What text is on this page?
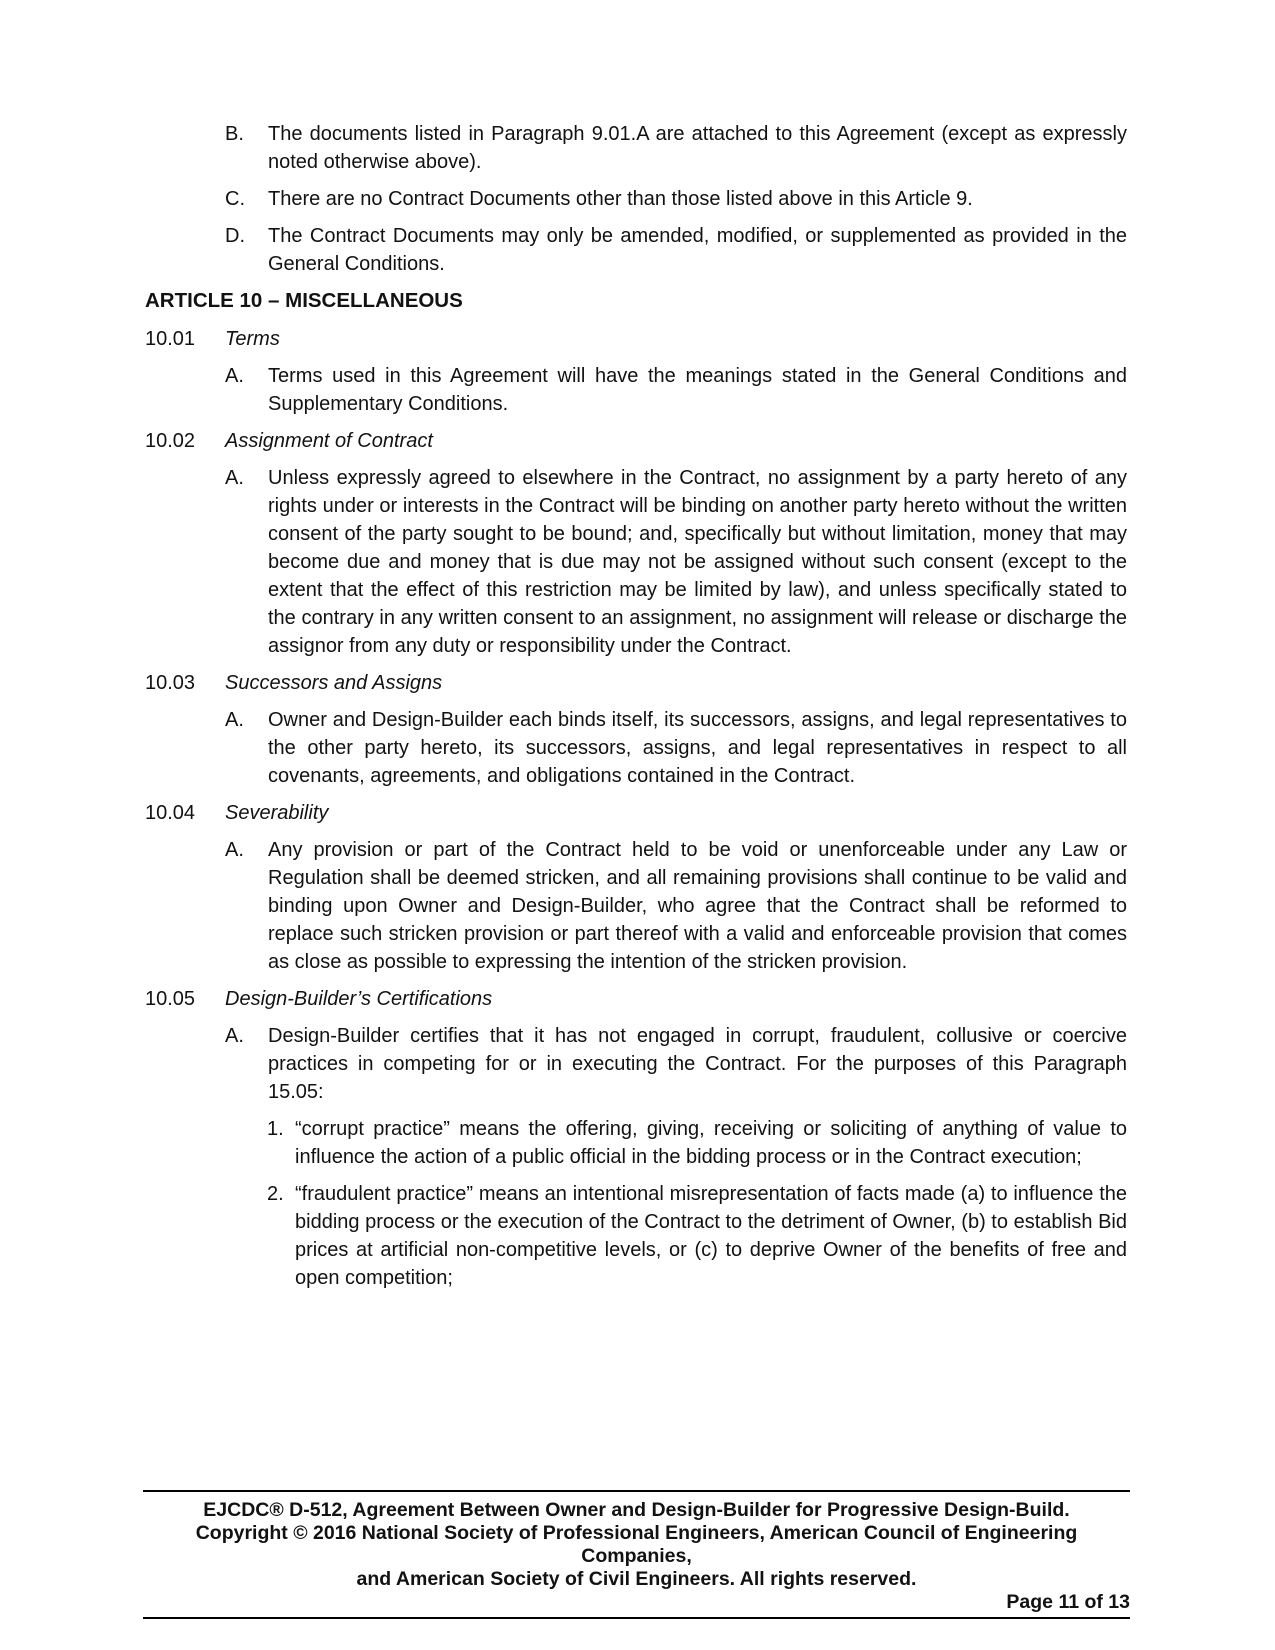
B. The documents listed in Paragraph 9.01.A are attached to this Agreement (except as expressly noted otherwise above).

C. There are no Contract Documents other than those listed above in this Article 9.

D. The Contract Documents may only be amended, modified, or supplemented as provided in the General Conditions.

ARTICLE 10 – MISCELLANEOUS
10.01 Terms

A. Terms used in this Agreement will have the meanings stated in the General Conditions and Supplementary Conditions.

10.02 Assignment of Contract

A. Unless expressly agreed to elsewhere in the Contract, no assignment by a party hereto of any rights under or interests in the Contract will be binding on another party hereto without the written consent of the party sought to be bound; and, specifically but without limitation, money that may become due and money that is due may not be assigned without such consent (except to the extent that the effect of this restriction may be limited by law), and unless specifically stated to the contrary in any written consent to an assignment, no assignment will release or discharge the assignor from any duty or responsibility under the Contract.

10.03 Successors and Assigns

A. Owner and Design-Builder each binds itself, its successors, assigns, and legal representatives to the other party hereto, its successors, assigns, and legal representatives in respect to all covenants, agreements, and obligations contained in the Contract.

10.04 Severability

A. Any provision or part of the Contract held to be void or unenforceable under any Law or Regulation shall be deemed stricken, and all remaining provisions shall continue to be valid and binding upon Owner and Design-Builder, who agree that the Contract shall be reformed to replace such stricken provision or part thereof with a valid and enforceable provision that comes as close as possible to expressing the intention of the stricken provision.

10.05 Design-Builder’s Certifications

A. Design-Builder certifies that it has not engaged in corrupt, fraudulent, collusive or coercive practices in competing for or in executing the Contract. For the purposes of this Paragraph 15.05:

1. “corrupt practice” means the offering, giving, receiving or soliciting of anything of value to influence the action of a public official in the bidding process or in the Contract execution;

2. “fraudulent practice” means an intentional misrepresentation of facts made (a) to influence the bidding process or the execution of the Contract to the detriment of Owner, (b) to establish Bid prices at artificial non-competitive levels, or (c) to deprive Owner of the benefits of free and open competition;

EJCDC® D-512, Agreement Between Owner and Design-Builder for Progressive Design-Build.
Copyright © 2016 National Society of Professional Engineers, American Council of Engineering Companies,
and American Society of Civil Engineers. All rights reserved.
Page 11 of 13
